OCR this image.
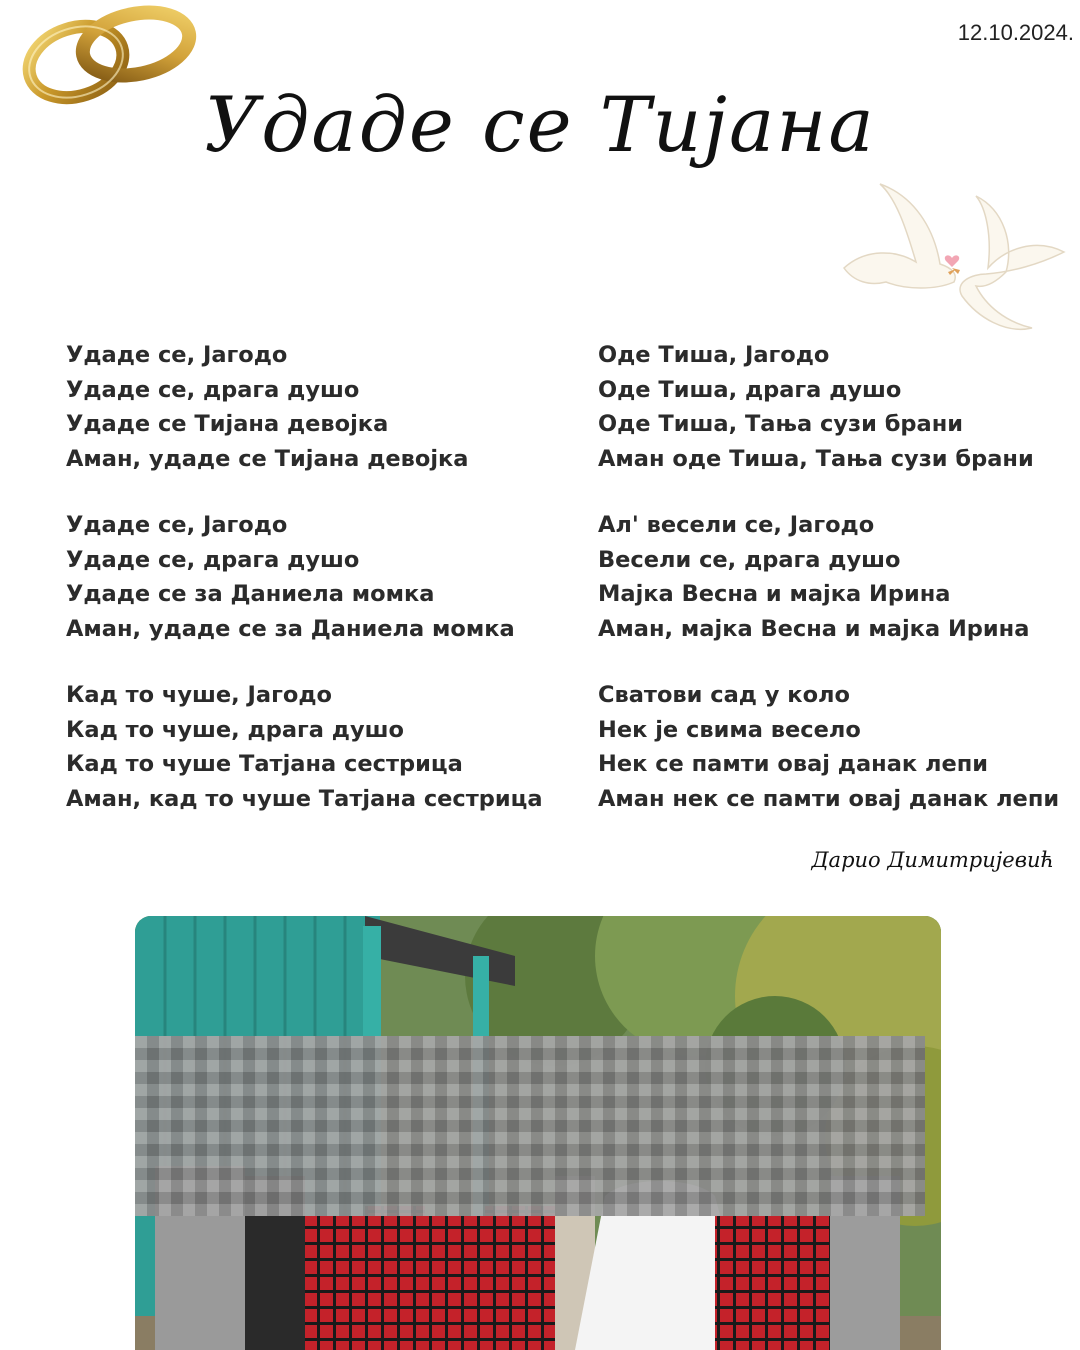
12.10.2024.
Удаде се Тијана
Удаде се, Јагодо
Удаде се, драга душо
Удаде се Тијана девојка
Аман, удаде се Тијана девојка
Удаде се, Јагодо
Удаде се, драга душо
Удаде се за Даниела момка
Аман, удаде се за Даниела момка
Кад то чуше, Јагодо
Кад то чуше, драга душо
Кад то чуше Татјана сестрица
Аман, кад то чуше Татјана сестрица
Оде Тиша, Јагодо
Оде Тиша, драга душо
Оде Тиша, Тања сузи брани
Аман оде Тиша, Тања сузи брани
Ал' весели се, Јагодо
Весели се, драга душо
Мајка Весна и мајка Ирина
Аман, мајка Весна и мајка Ирина
Сватови сад у коло
Нек је свима весело
Нек се памти овај данак лепи
Аман нек се памти овај данак лепи
Дарио Димитријевић
